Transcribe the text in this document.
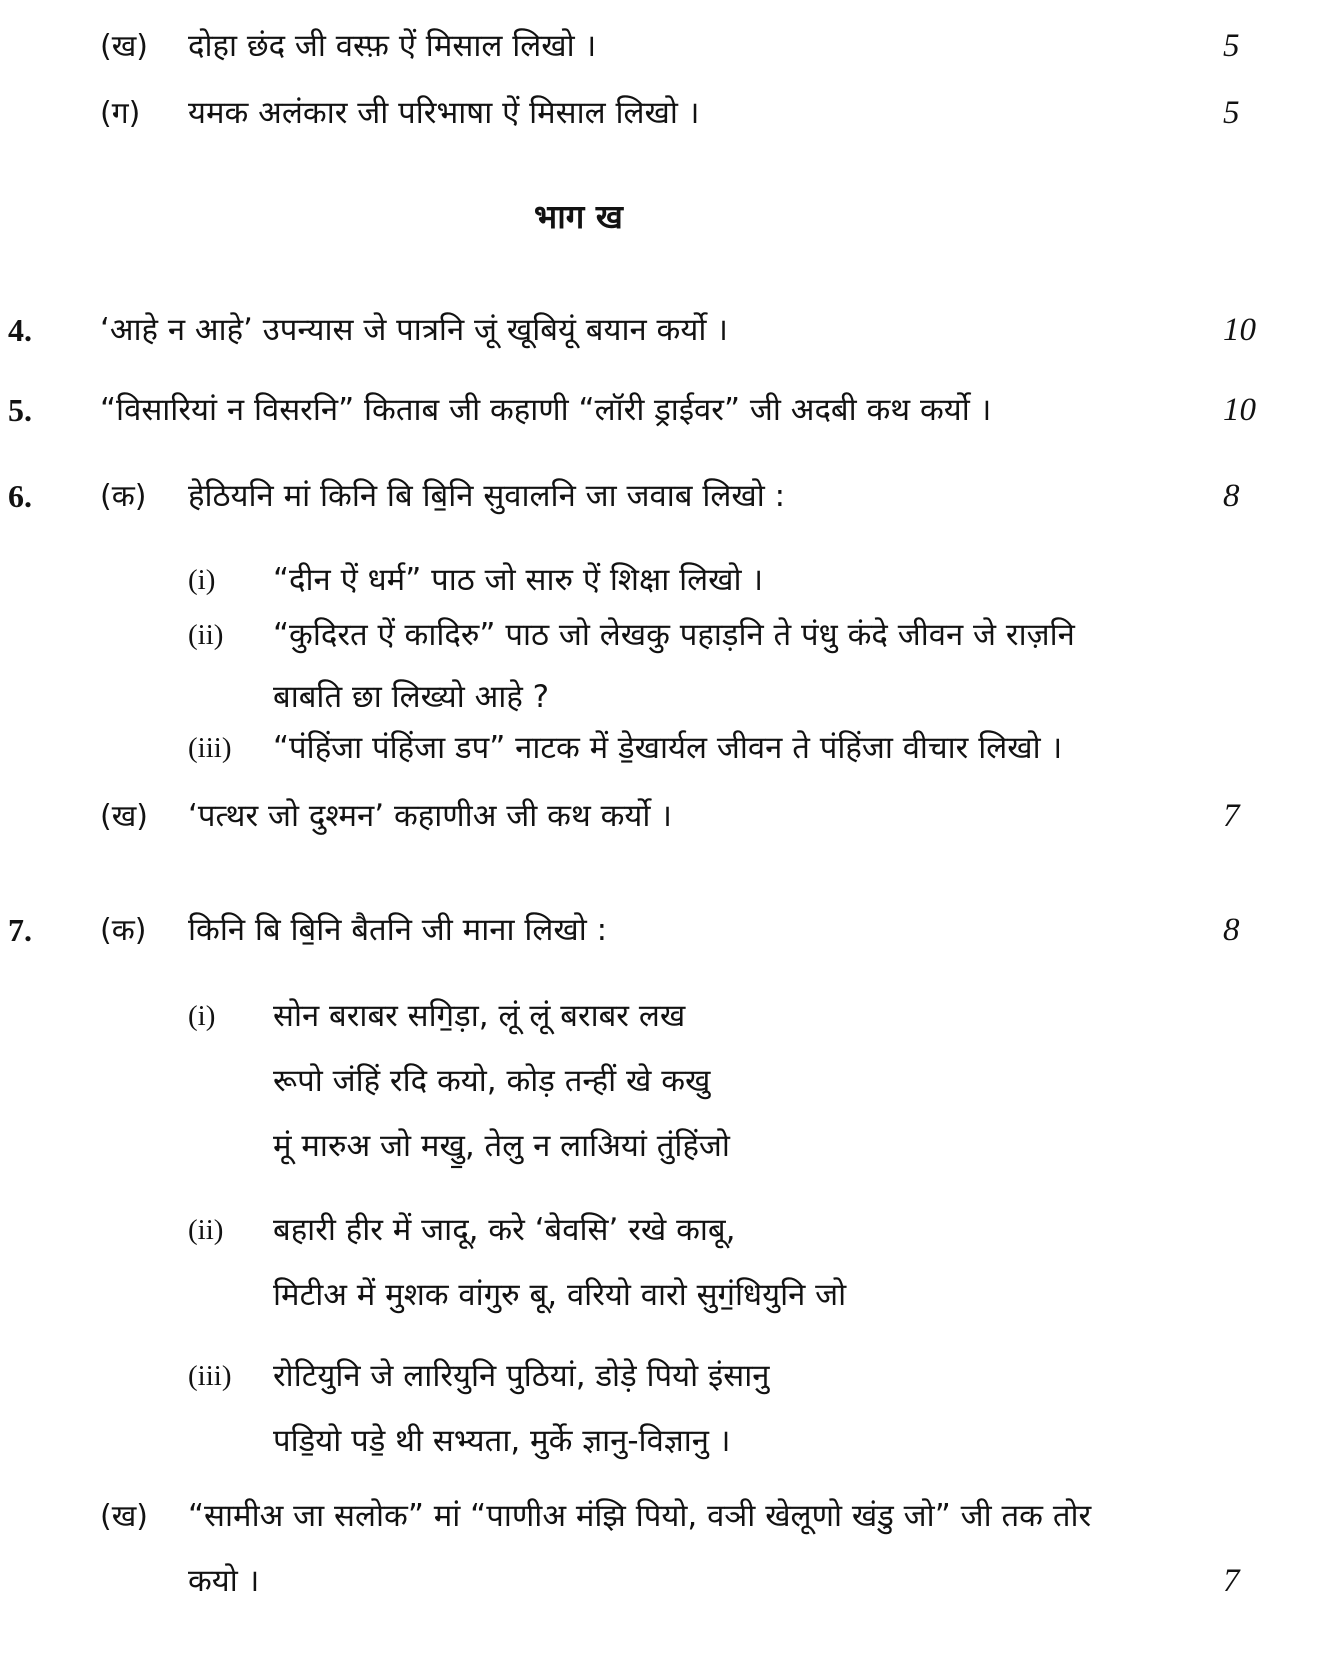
(ख)	दोहा छंद जी वस्फ़ ऐं मिसाल लिखो ।	5
(ग)	यमक अलंकार जी परिभाषा ऐं मिसाल लिखो ।	5
भाग ख
4.	‘आहे न आहे’ उपन्यास जे पात्रनि जूं खूबियूं बयान कर्यो ।	10
5.	“विसारियां न विसरनि” किताब जी कहाणी “लॉरी ड्राईवर” जी अदबी कथ कर्यो ।	10
6.	(क)	हेठियनि मां किनि बि बि॒नि सुवालनि जा जवाब लिखो :	8
(i)	“दीन ऐं धर्म” पाठ जो सारु ऐं शिक्षा लिखो ।
(ii)	“कुदिरत ऐं कादिरु” पाठ जो लेखकु पहाड़नि ते पंधु कंदे जीवन जे राज़नि
बाबति छा लिख्यो आहे ?
(iii)	“पंहिंजा पंहिंजा डप” नाटक में डे॒खार्यल जीवन ते पंहिंजा वीचार लिखो ।
(ख)	‘पत्थर जो दुश्मन’ कहाणीअ जी कथ कर्यो ।	7
7.	(क)	किनि बि बि॒नि बैतनि जी माना लिखो :	8
(i)	सोन बराबर सगि॒ड़ा, लूं लूं बराबर लख
रूपो जंहिं रदि कयो, कोड़ तन्हीं खे कखु
मूं मारुअ जो मखु॒, तेलु न लाअियां तुंहिंजो
(ii)	बहारी हीर में जादू, करे ‘बेवसि’ रखे काबू,
मिटीअ में मुशक वांगुरु बू, वरियो वारो सुगं॒धियुनि जो
(iii)	रोटियुनि जे लारियुनि पुठियां, डोड़े पियो इंसानु
पडि॒यो पडे॒ थी सभ्यता, मुर्के ज्ञानु-विज्ञानु ।
(ख)	“सामीअ जा सलोक” मां “पाणीअ मंझि पियो, वञी खेलूणो खंडु जो” जी तक तोर
कयो ।	7
